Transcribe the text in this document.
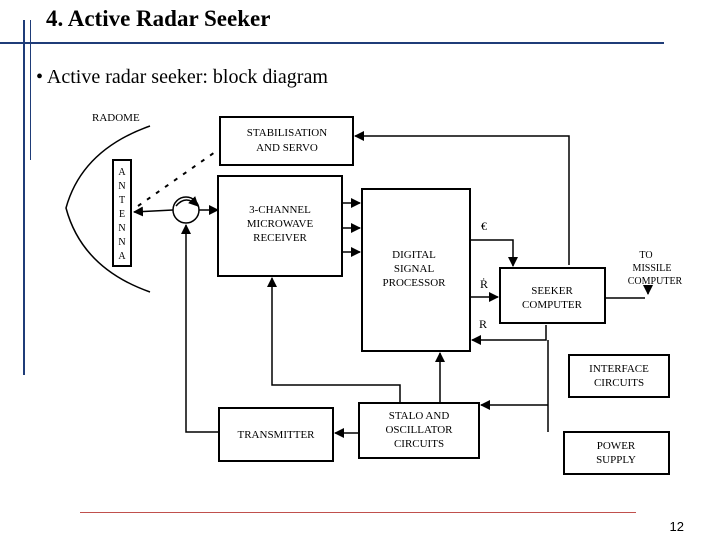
4. Active Radar Seeker
• Active radar seeker: block diagram
RADOME
A
N
T
E
N
N
A
STABILISATION
AND SERVO
3-CHANNEL
MICROWAVE
RECEIVER
DIGITAL
SIGNAL
PROCESSOR
SEEKER
COMPUTER
TO
MISSILE
COMPUTER
INTERFACE
CIRCUITS
TRANSMITTER
STALO AND
OSCILLATOR
CIRCUITS	POWER
SUPPLY
€
Ṙ
R
12
